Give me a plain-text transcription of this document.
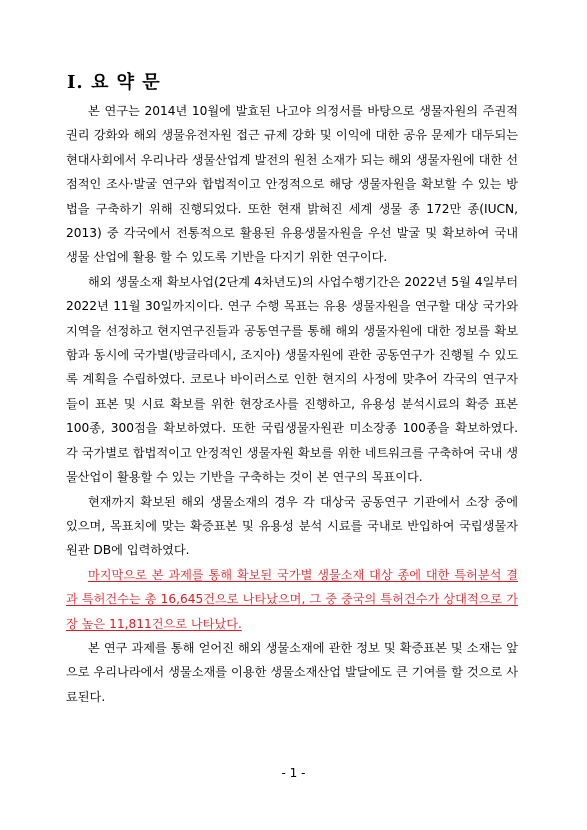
I. 요 약 문

본 연구는 2014년 10월에 발효된 나고야 의정서를 바탕으로 생물자원의 주권적 권리 강화와 해외 생물유전자원 접근 규제 강화 및 이익에 대한 공유 문제가 대두되는 현대사회에서 우리나라 생물산업계 발전의 원천 소재가 되는 해외 생물자원에 대한 선점적인 조사·발굴 연구와 합법적이고 안정적으로 해당 생물자원을 확보할 수 있는 방법을 구축하기 위해 진행되었다. 또한 현재 밝혀진 세계 생물 종 172만 종(IUCN, 2013) 중 각국에서 전통적으로 활용된 유용생물자원을 우선 발굴 및 확보하여 국내 생물 산업에 활용 할 수 있도록 기반을 다지기 위한 연구이다.

해외 생물소재 확보사업(2단계 4차년도)의 사업수행기간은 2022년 5월 4일부터 2022년 11월 30일까지이다. 연구 수행 목표는 유용 생물자원을 연구할 대상 국가와 지역을 선정하고 현지연구진들과 공동연구를 통해 해외 생물자원에 대한 정보를 확보함과 동시에 국가별(방글라데시, 조지아) 생물자원에 관한 공동연구가 진행될 수 있도록 계획을 수립하였다. 코로나 바이러스로 인한 현지의 사정에 맞추어 각국의 연구자들이 표본 및 시료 확보를 위한 현장조사를 진행하고, 유용성 분석시료의 확증 표본 100종, 300점을 확보하였다. 또한 국립생물자원관 미소장종 100종을 확보하였다. 각 국가별로 합법적이고 안정적인 생물자원 확보를 위한 네트워크를 구축하여 국내 생물산업이 활용할 수 있는 기반을 구축하는 것이 본 연구의 목표이다.

현재까지 확보된 해외 생물소재의 경우 각 대상국 공동연구 기관에서 소장 중에 있으며, 목표치에 맞는 확증표본 및 유용성 분석 시료를 국내로 반입하여 국립생물자원관 DB에 입력하였다.

마지막으로 본 과제를 통해 확보된 국가별 생물소재 대상 종에 대한 특허분석 결과 특허건수는 총 16,645건으로 나타났으며, 그 중 중국의 특허건수가 상대적으로 가장 높은 11,811건으로 나타났다.

본 연구 과제를 통해 얻어진 해외 생물소재에 관한 정보 및 확증표본 및 소재는 앞으로 우리나라에서 생물소재를 이용한 생물소재산업 발달에도 큰 기여를 할 것으로 사료된다.

- 1 -
